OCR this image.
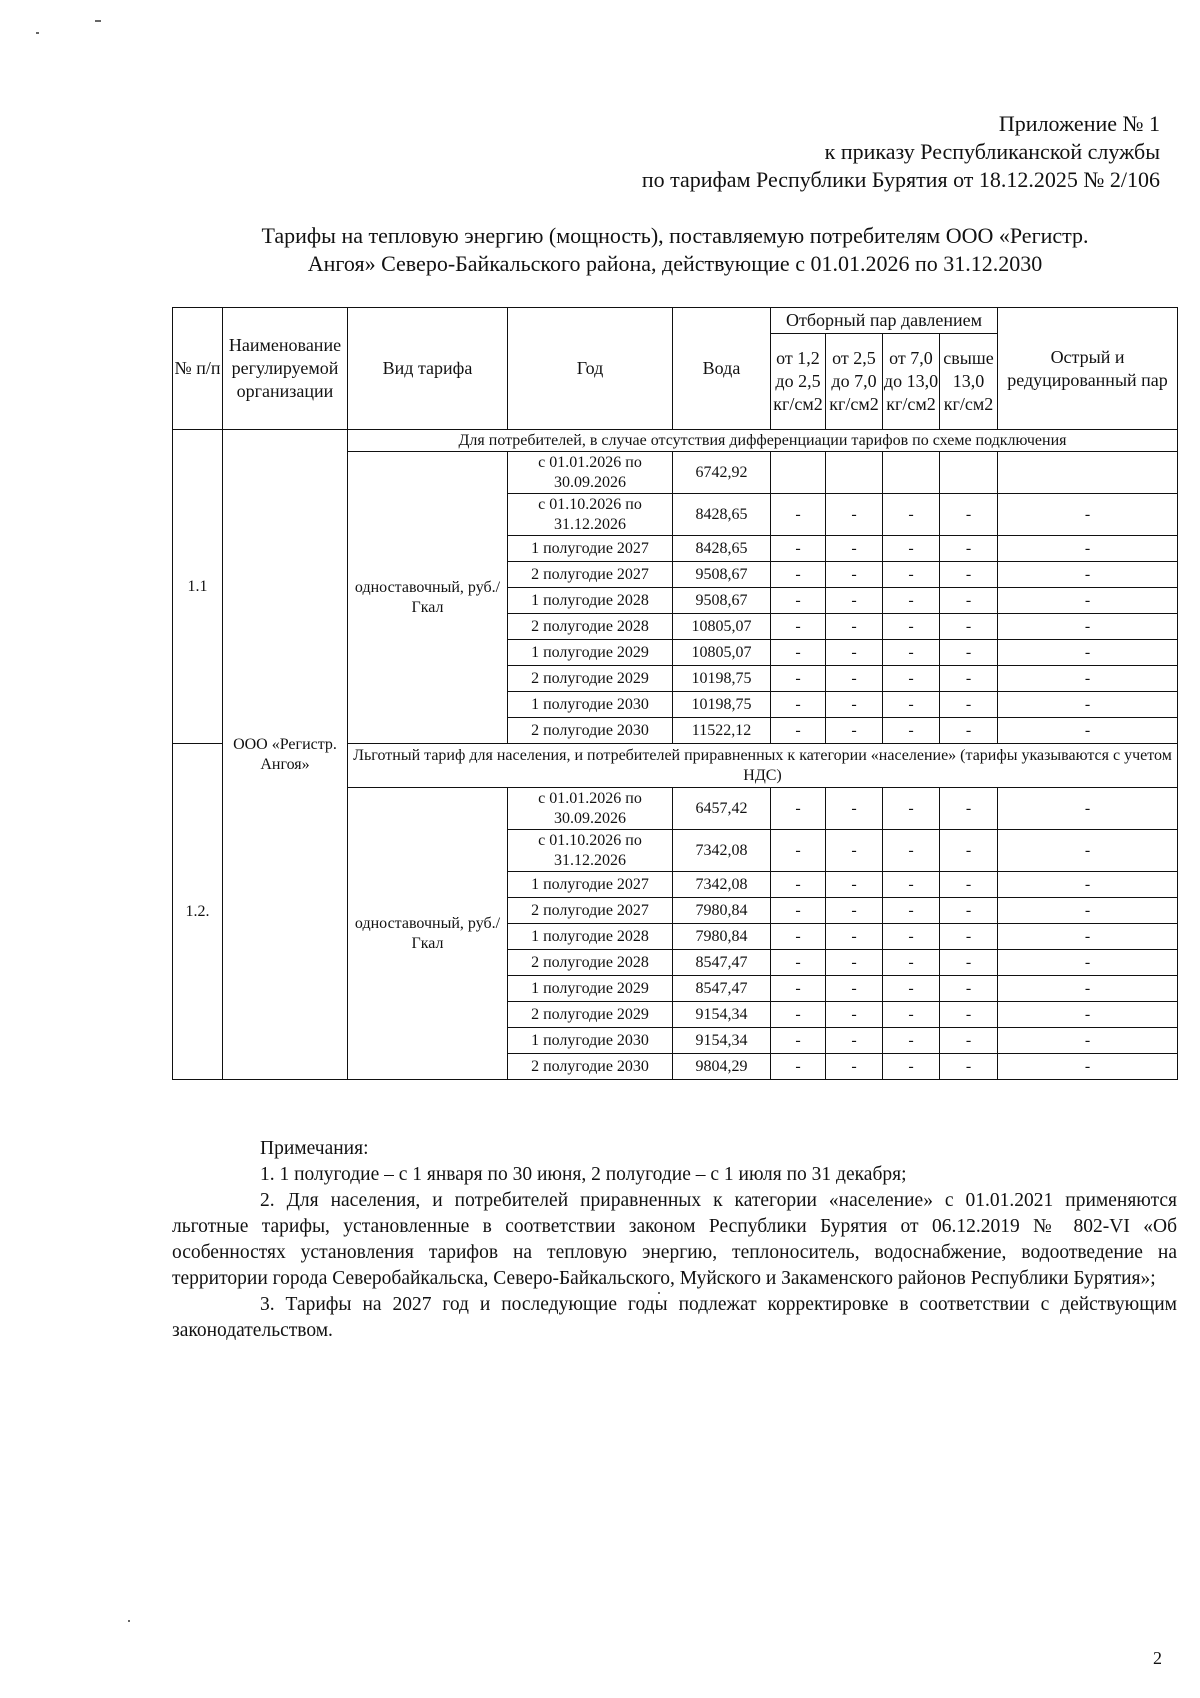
Приложение № 1
к приказу Республиканской службы
по тарифам Республики Бурятия от 18.12.2025 № 2/106
Тарифы на тепловую энергию (мощность), поставляемую потребителям ООО «Регистр.
Ангоя» Северо-Байкальского района, действующие с 01.01.2026 по 31.12.2030
№ п/п	Наименование регулируемой организации	Вид тарифа	Год	Вода	Отборный пар давлением				Острый и редуцированный пар
					от 1,2 до 2,5 кг/см2	от 2,5 до 7,0 кг/см2	от 7,0 до 13,0 кг/см2	свыше 13,0 кг/см2	
1.1	ООО «Регистр. Ангоя»	Для потребителей, в случае отсутствия дифференциации тарифов по схеме подключения							
		одноставочный, руб./Гкал	с 01.01.2026 по 30.09.2026	6742,92					
			с 01.10.2026 по 31.12.2026	8428,65	-	-	-	-	-
			1 полугодие 2027	8428,65	-	-	-	-	-
			2 полугодие 2027	9508,67	-	-	-	-	-
			1 полугодие 2028	9508,67	-	-	-	-	-
			2 полугодие 2028	10805,07	-	-	-	-	-
			1 полугодие 2029	10805,07	-	-	-	-	-
			2 полугодие 2029	10198,75	-	-	-	-	-
			1 полугодие 2030	10198,75	-	-	-	-	-
			2 полугодие 2030	11522,12	-	-	-	-	-
1.2.		Льготный тариф для населения, и потребителей приравненных к категории «население» (тарифы указываются с учетом НДС)							
		одноставочный, руб./Гкал	с 01.01.2026 по 30.09.2026	6457,42	-	-	-	-	-
			с 01.10.2026 по 31.12.2026	7342,08	-	-	-	-	-
			1 полугодие 2027	7342,08	-	-	-	-	-
			2 полугодие 2027	7980,84	-	-	-	-	-
			1 полугодие 2028	7980,84	-	-	-	-	-
			2 полугодие 2028	8547,47	-	-	-	-	-
			1 полугодие 2029	8547,47	-	-	-	-	-
			2 полугодие 2029	9154,34	-	-	-	-	-
			1 полугодие 2030	9154,34	-	-	-	-	-
			2 полугодие 2030	9804,29	-	-	-	-	-

Примечания:

1. 1 полугодие – с 1 января по 30 июня, 2 полугодие – с 1 июля по 31 декабря;

2. Для населения, и потребителей приравненных к категории «население» с 01.01.2021 применяются льготные тарифы, установленные в соответствии законом Республики Бурятия от 06.12.2019 № 802-VI «Об особенностях установления тарифов на тепловую энергию, теплоноситель, водоснабжение, водоотведение на территории города Северобайкальска, Северо-Байкальского, Муйского и Закаменского районов Республики Бурятия»;

3. Тарифы на 2027 год и последующие годы подлежат корректировке в соответствии с действующим законодательством.

2
